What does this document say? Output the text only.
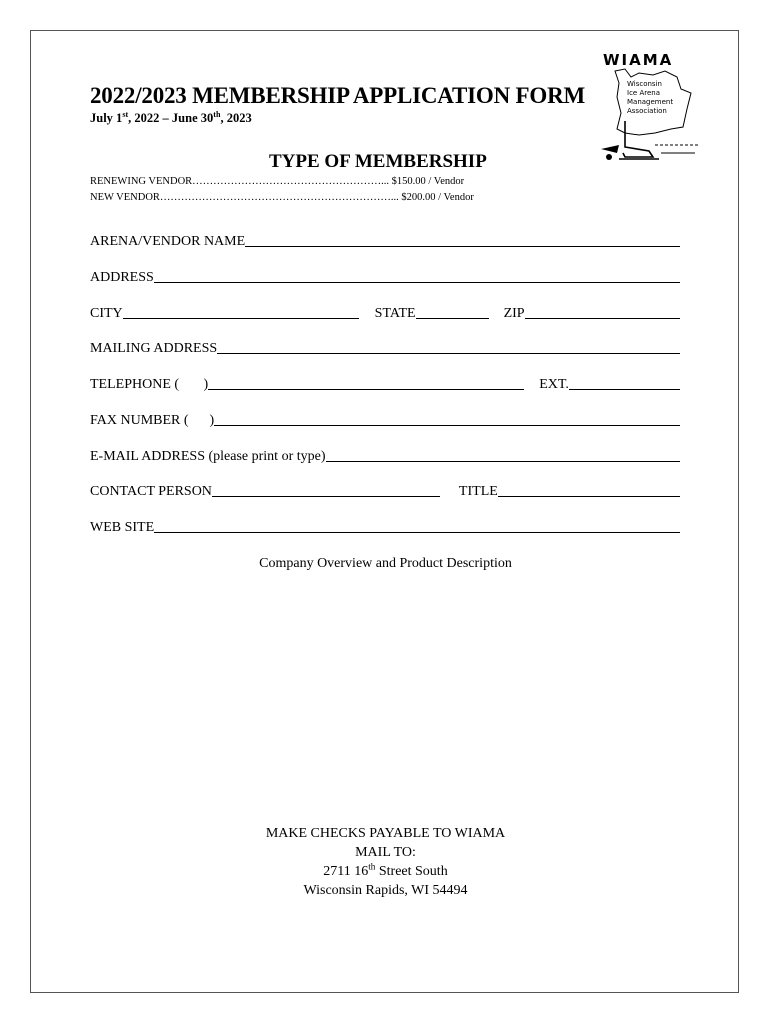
WIAMA
Wisconsin
Ice Arena
Management
Association
2022/2023 MEMBERSHIP APPLICATION FORM
July 1st, 2022 – June 30th, 2023
TYPE OF MEMBERSHIP
RENEWING VENDOR………………………………………………... $150.00 / Vendor
NEW VENDOR…………………………………………………………... $200.00 / Vendor
ARENA/VENDOR NAME
ADDRESS
CITY	STATE	ZIP
MAILING ADDRESS
TELEPHONE (       )	EXT.
FAX NUMBER (      )
E-MAIL ADDRESS (please print or type)
CONTACT PERSON	TITLE
WEB SITE
Company Overview and Product Description
MAKE CHECKS PAYABLE TO WIAMA
MAIL TO:
2711 16th Street South
Wisconsin Rapids, WI 54494
